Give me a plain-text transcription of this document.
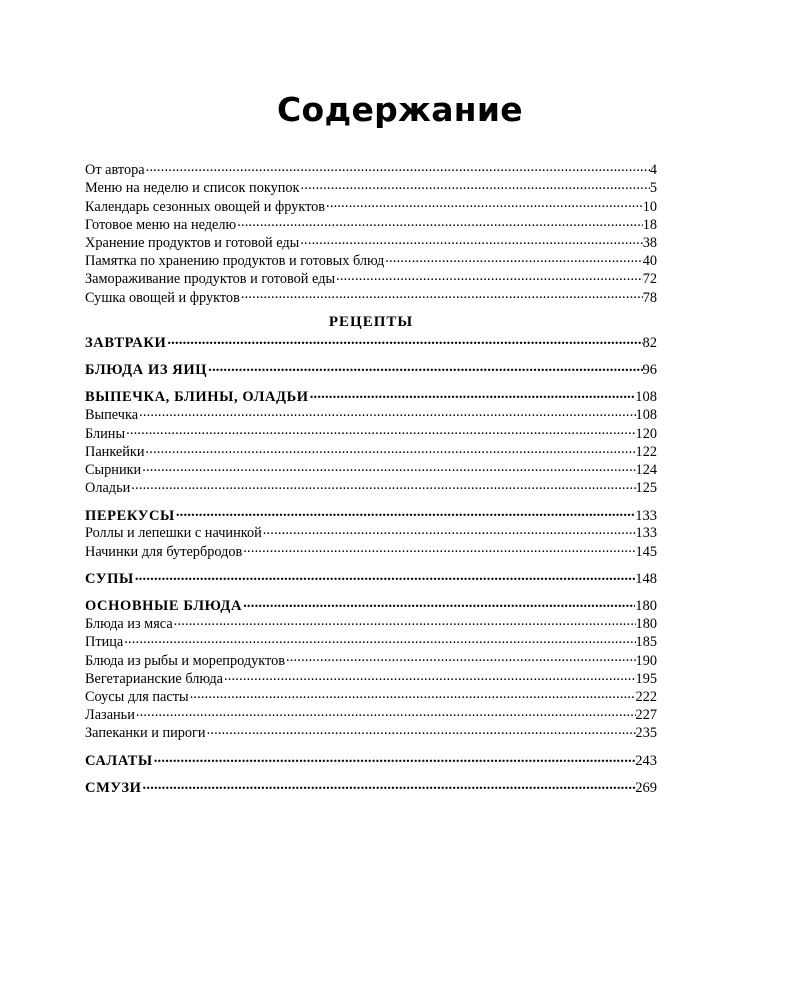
Содержание
От автора .....	4
Меню на неделю и список покупок .....	5
Календарь сезонных овощей и фруктов .....	10
Готовое меню на неделю .....	18
Хранение продуктов и готовой еды .....	38
Памятка по хранению продуктов и готовых блюд .....	40
Замораживание продуктов и готовой еды .....	72
Сушка овощей и фруктов .....	78
РЕЦЕПТЫ
ЗАВТРАКИ .....	82
БЛЮДА ИЗ ЯИЦ .....	96
ВЫПЕЧКА, БЛИНЫ, ОЛАДЬИ .....	108
Выпечка .....	108
Блины .....	120
Панкейки .....	122
Сырники .....	124
Оладьи .....	125
ПЕРЕКУСЫ .....	133
Роллы и лепешки с начинкой .....	133
Начинки для бутербродов .....	145
СУПЫ .....	148
ОСНОВНЫЕ БЛЮДА .....	180
Блюда из мяса .....	180
Птица .....	185
Блюда из рыбы и морепродуктов .....	190
Вегетарианские блюда .....	195
Соусы для пасты .....	222
Лазаньи .....	227
Запеканки и пироги .....	235
САЛАТЫ .....	243
СМУЗИ .....	269
